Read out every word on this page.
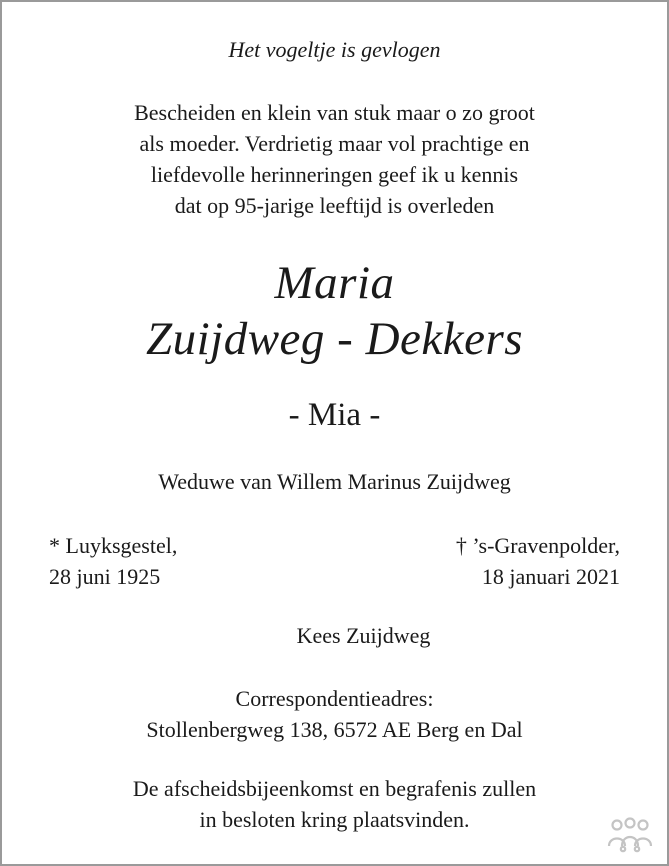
Het vogeltje is gevlogen
Bescheiden en klein van stuk maar o zo groot
als moeder. Verdrietig maar vol prachtige en
liefdevolle herinneringen geef ik u kennis
dat op 95-jarige leeftijd is overleden
Maria
Zuijdweg - Dekkers
- Mia -
Weduwe van Willem Marinus Zuijdweg
* Luyksgestel,
28 juni 1925
† ’s-Gravenpolder,
18 januari 2021
Kees Zuijdweg
Correspondentieadres:
Stollenbergweg 138, 6572 AE Berg en Dal
De afscheidsbijeenkomst en begrafenis zullen
in besloten kring plaatsvinden.
